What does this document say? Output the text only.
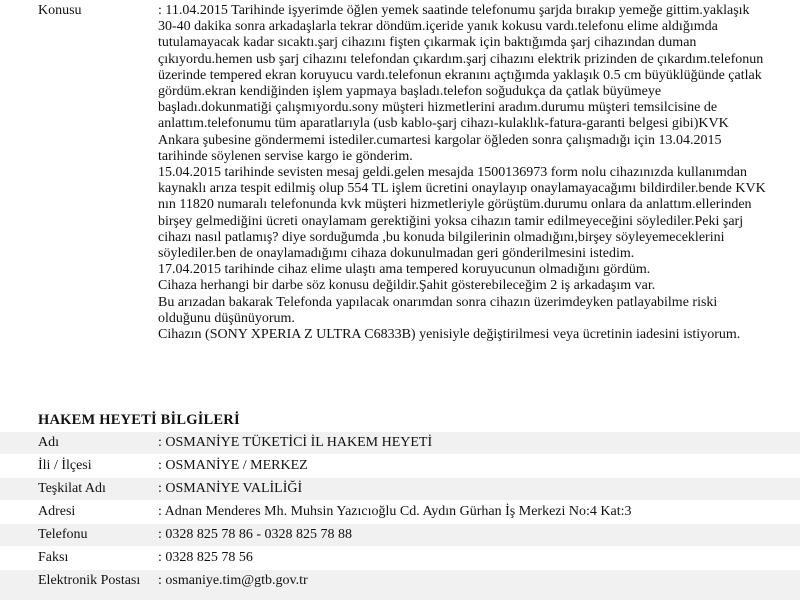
Konusu	: 11.04.2015 Tarihinde işyerimde öğlen yemek saatinde telefonumu şarjda bırakıp yemeğe gittim.yaklaşık 30-40 dakika sonra arkadaşlarla tekrar döndüm.içeride yanık kokusu vardı.telefonu elime aldığımda tutulamayacak kadar sıcaktı.şarj cihazını fişten çıkarmak için baktığımda şarj cihazından duman çıkıyordu.hemen usb şarj cihazını telefondan çıkardım.şarj cihazını elektrik prizinden de çıkardım.telefonun üzerinde tempered ekran koruyucu vardı.telefonun ekranını açtığımda yaklaşık 0.5 cm büyüklüğünde çatlak gördüm.ekran kendiğinden işlem yapmaya başladı.telefon soğudukça da çatlak büyümeye başladı.dokunmatiği çalışmıyordu.sony müşteri hizmetlerini aradım.durumu müşteri temsilcisine de anlattım.telefonumu tüm aparatlarıyla (usb kablo-şarj cihazı-kulaklık-fatura-garanti belgesi gibi)KVK Ankara şubesine göndermemi istediler.cumartesi kargolar öğleden sonra çalışmadığı için 13.04.2015 tarihinde söylenen servise kargo ie gönderim.

15.04.2015 tarihinde sevisten mesaj geldi.gelen mesajda 1500136973 form nolu cihazınızda kullanımdan kaynaklı arıza tespit edilmiş olup 554 TL işlem ücretini onaylayıp onaylamayacağımı bildirdiler.bende KVK nın 11820 numaralı telefonunda kvk müşteri hizmetleriyle görüştüm.durumu onlara da anlattım.ellerinden birşey gelmediğini ücreti onaylamam gerektiğini yoksa cihazın tamir edilmeyeceğini söylediler.Peki şarj cihazı nasıl patlamış? diye sorduğumda ,bu konuda bilgilerinin olmadığını,birşey söyleyemeceklerini söylediler.ben de onaylamadığımı cihaza dokunulmadan geri gönderilmesini istedim.

17.04.2015 tarihinde cihaz elime ulaştı ama tempered koruyucunun olmadığını gördüm.

Cihaza herhangi bir darbe söz konusu değildir.Şahit gösterebileceğim 2 iş arkadaşım var.

Bu arızadan bakarak Telefonda yapılacak onarımdan sonra cihazın üzerimdeyken patlayabilme riski olduğunu düşünüyorum.

Cihazın (SONY XPERIA Z ULTRA C6833B) yenisiyle değiştirilmesi veya ücretinin iadesini istiyorum.

HAKEM HEYETİ BİLGİLERİ
Adı	: OSMANİYE TÜKETİCİ İL HAKEM HEYETİ
İli / İlçesi	: OSMANİYE / MERKEZ
Teşkilat Adı	: OSMANİYE VALİLİĞİ
Adresi	: Adnan Menderes Mh. Muhsin Yazıcıoğlu Cd. Aydın Gürhan İş Merkezi No:4 Kat:3
Telefonu	: 0328 825 78 86 - 0328 825 78 88
Faksı	: 0328 825 78 56
Elektronik Postası	: osmaniye.tim@gtb.gov.tr
